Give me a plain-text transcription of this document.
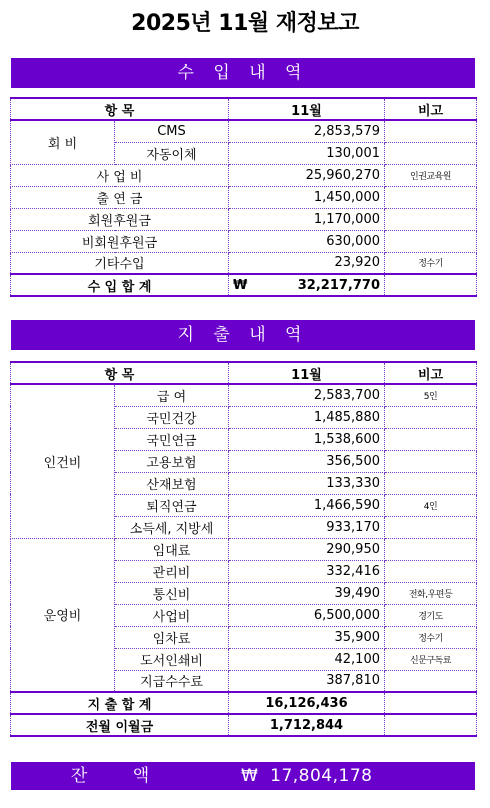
2025년 11월 재정보고
수 입 내 역
항 목		11월	비고
회 비	CMS	2,853,579	
	자동이체	130,001	
사 업 비		25,960,270	인권교육원
출 연 금		1,450,000	
회원후원금		1,170,000	
비회원후원금		630,000	
기타수입		23,920	정수기
수 입 합 계		₩ 32,217,770	

지 출 내 역
항 목		11월	비고
인건비	급 여	2,583,700	5인
	국민건강	1,485,880	
	국민연금	1,538,600	
	고용보험	356,500	
	산재보험	133,330	
	퇴직연금	1,466,590	4인
	소득세, 지방세	933,170	
운영비	임대료	290,950	
	관리비	332,416	
	통신비	39,490	전화,우편등
	사업비	6,500,000	경기도
	임차료	35,900	정수기
	도서인쇄비	42,100	신문구독료
	지급수수료	387,810	
지 출 합 계		16,126,436	
전월 이월금		1,712,844	
잔 액	₩ 17,804,178
